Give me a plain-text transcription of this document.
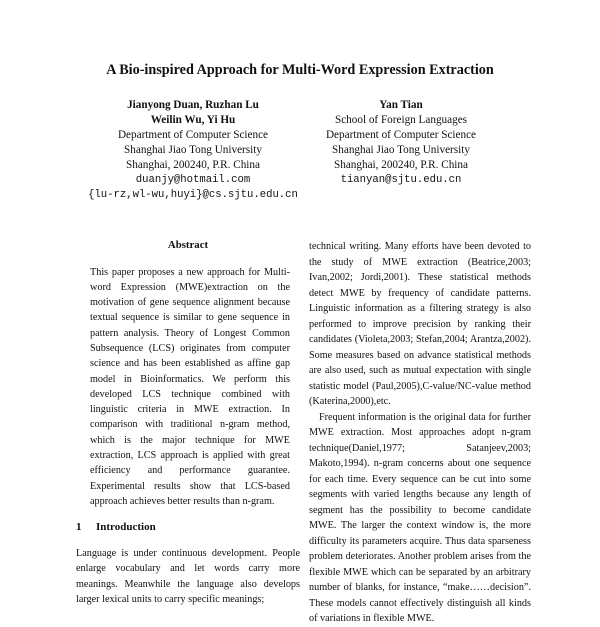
A Bio-inspired Approach for Multi-Word Expression Extraction
Jianyong Duan, Ruzhan Lu
Weilin Wu, Yi Hu
Department of Computer Science
Shanghai Jiao Tong University
Shanghai, 200240, P.R. China
duanjy@hotmail.com
{lu-rz,wl-wu,huyi}@cs.sjtu.edu.cn
Yan Tian
School of Foreign Languages
Department of Computer Science
Shanghai Jiao Tong University
Shanghai, 200240, P.R. China
tianyan@sjtu.edu.cn
Abstract

This paper proposes a new approach for Multi-word Expression (MWE)extraction on the motivation of gene sequence alignment because textual sequence is similar to gene sequence in pattern analysis. Theory of Longest Common Subsequence (LCS) originates from computer science and has been established as affine gap model in Bioinformatics. We perform this developed LCS technique combined with linguistic criteria in MWE extraction. In comparison with traditional n-gram method, which is the major technique for MWE extraction, LCS approach is applied with great efficiency and performance guarantee. Experimental results show that LCS-based approach achieves better results than n-gram.

1 Introduction

Language is under continuous development. People enlarge vocabulary and let words carry more meanings. Meanwhile the language also develops larger lexical units to carry specific meanings;

technical writing. Many efforts have been devoted to the study of MWE extraction (Beatrice,2003; Ivan,2002; Jordi,2001). These statistical methods detect MWE by frequency of candidate patterns. Linguistic information as a filtering strategy is also performed to improve precision by ranking their candidates (Violeta,2003; Stefan,2004; Arantza,2002). Some measures based on advance statistical methods are also used, such as mutual expectation with single statistic model (Paul,2005),C-value/NC-value method (Katerina,2000),etc.

Frequent information is the original data for further MWE extraction. Most approaches adopt n-gram technique(Daniel,1977; Satanjeev,2003; Makoto,1994). n-gram concerns about one sequence for each time. Every sequence can be cut into some segments with varied lengths because any length of segment has the possibility to become candidate MWE. The larger the context window is, the more difficulty its parameters acquire. Thus data sparseness problem deteriorates. Another problem arises from the flexible MWE which can be separated by an arbitrary number of blanks, for instance, “make……decision”. These models cannot effectively distinguish all kinds of variations in flexible MWE.
